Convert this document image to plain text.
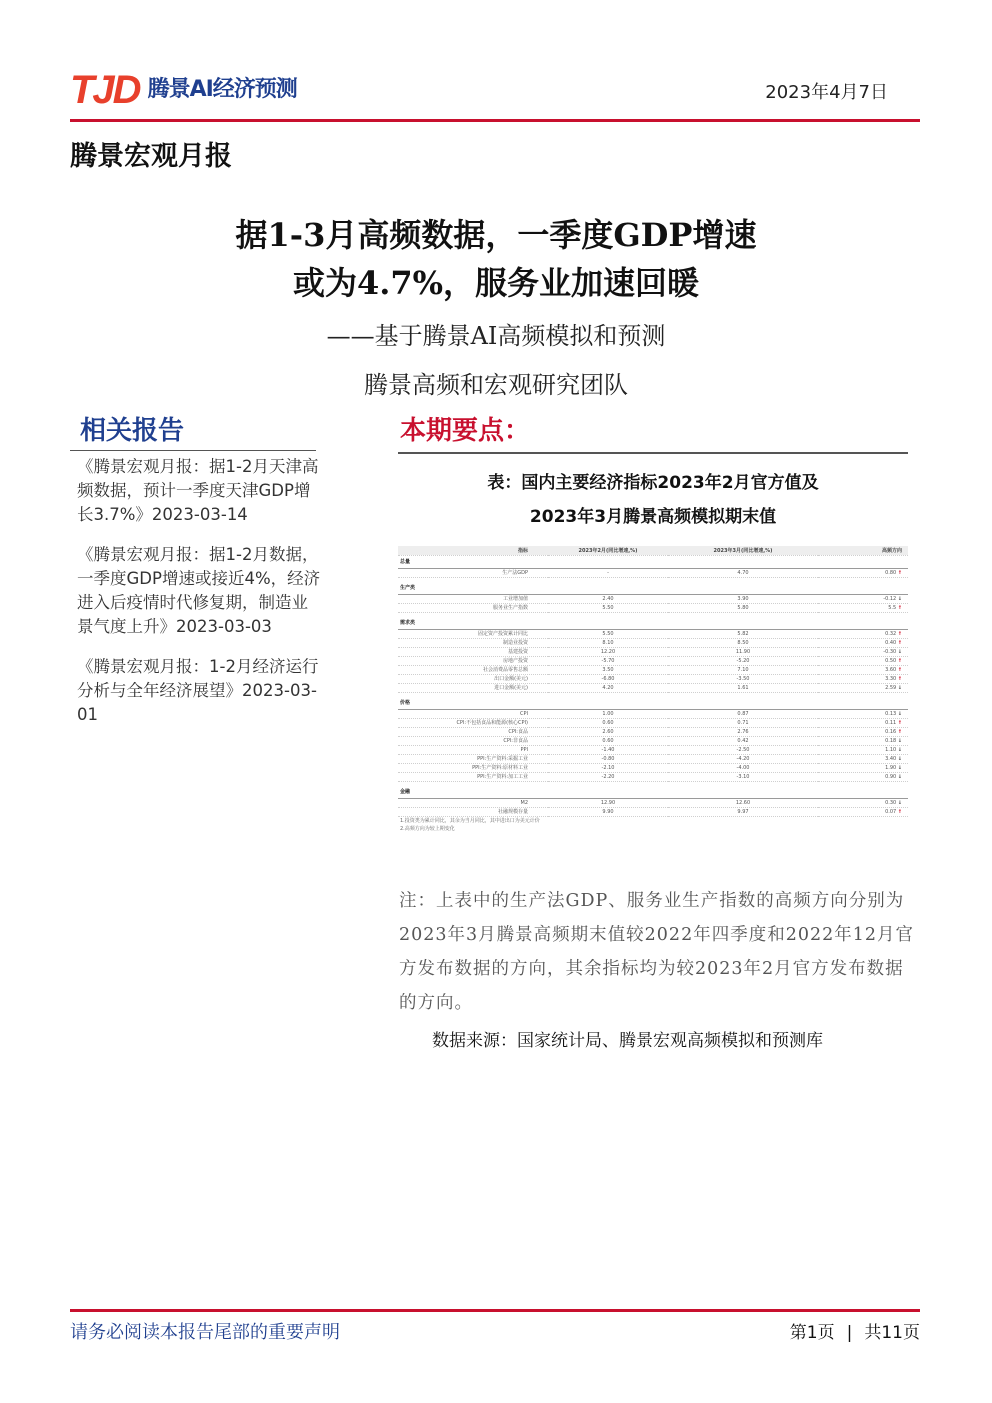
TJD 腾景AI经济预测	2023年4月7日
腾景宏观月报
据1-3月高频数据，一季度GDP增速
或为4.7%，服务业加速回暖
——基于腾景AI高频模拟和预测
腾景高频和宏观研究团队
相关报告
《腾景宏观月报：据1-2月天津高频数据，预计一季度天津GDP增长3.7%》2023-03-14
《腾景宏观月报：据1-2月数据，一季度GDP增速或接近4%，经济进入后疫情时代修复期，制造业景气度上升》2023-03-03
《腾景宏观月报：1-2月经济运行分析与全年经济展望》2023-03-01
本期要点：
表：国内主要经济指标2023年2月官方值及
2023年3月腾景高频模拟期末值
指标	2023年2月(同比增速,%)	2023年3月(同比增速,%)	高频方向
总量			
生产法GDP	-	4.70	0.80 ↑

生产类			
工业增加值	2.40	3.90	-0.12 ↓
服务业生产指数	5.50	5.80	5.5 ↑

需求类			
固定资产投资累计同比	5.50	5.82	0.32 ↑
制造业投资	8.10	8.50	0.40 ↑
基建投资	12.20	11.90	-0.30 ↓
房地产投资	-5.70	-5.20	0.50 ↑
社会消费品零售总额	3.50	7.10	3.60 ↑
出口金额(美元)	-6.80	-3.50	3.30 ↑
进口金额(美元)	4.20	1.61	2.59 ↓

价格			
CPI	1.00	0.87	0.13 ↓
CPI:不包括食品和能源(核心CPI)	0.60	0.71	0.11 ↑
CPI:食品	2.60	2.76	0.16 ↑
CPI:非食品	0.60	0.42	0.18 ↓
PPI	-1.40	-2.50	1.10 ↓
PPI:生产资料:采掘工业	-0.80	-4.20	3.40 ↓
PPI:生产资料:原材料工业	-2.10	-4.00	1.90 ↓
PPI:生产资料:加工工业	-2.20	-3.10	0.90 ↓

金融			
M2	12.90	12.60	0.30 ↓
社融规模存量	9.90	9.97	0.07 ↑
1.投资类为累计同比，其余为当月同比，其中进出口为美元计价			
2.高频方向为较上期变化			
注：上表中的生产法GDP、服务业生产指数的高频方向分别为2023年3月腾景高频期末值较2022年四季度和2022年12月官方发布数据的方向，其余指标均为较2023年2月官方发布数据的方向。
数据来源：国家统计局、腾景宏观高频模拟和预测库
请务必阅读本报告尾部的重要声明	第1页 | 共11页
